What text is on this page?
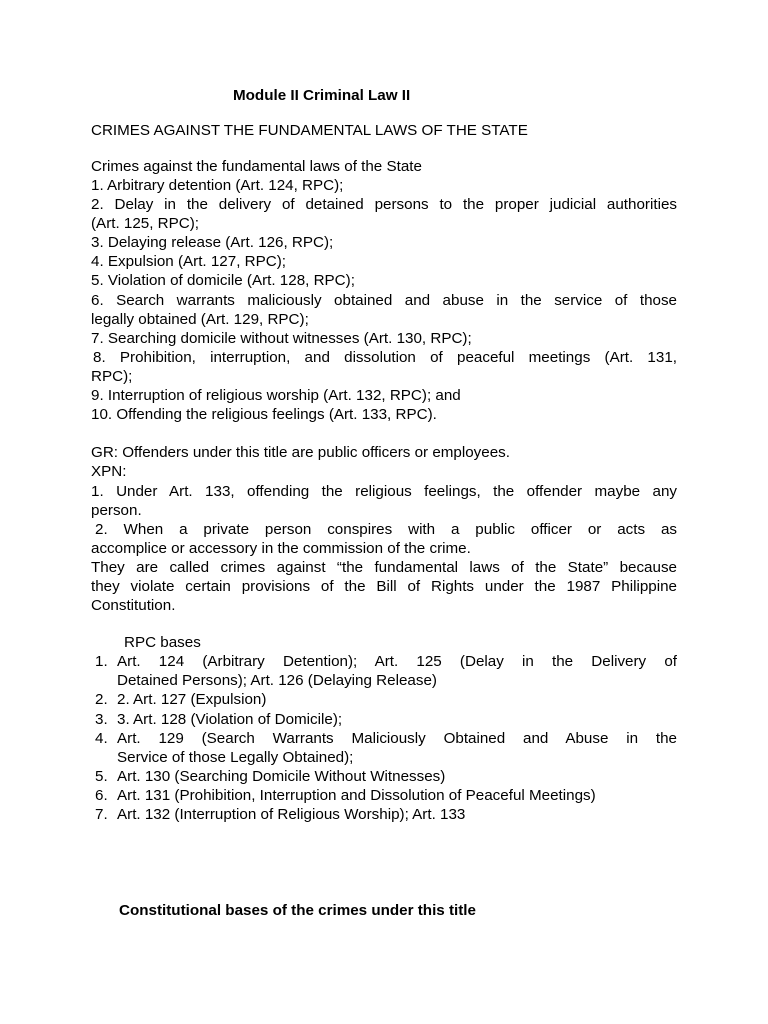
Module II Criminal Law II
CRIMES AGAINST THE FUNDAMENTAL LAWS OF THE STATE
Crimes against the fundamental laws of the State
1. Arbitrary detention (Art. 124, RPC);
2. Delay in the delivery of detained persons to the proper judicial authorities
(Art. 125, RPC);
3. Delaying release (Art. 126, RPC);
4. Expulsion (Art. 127, RPC);
5. Violation of domicile (Art. 128, RPC);
6. Search warrants maliciously obtained and abuse in the service of those
legally obtained (Art. 129, RPC);
7. Searching domicile without witnesses (Art. 130, RPC);
8. Prohibition, interruption, and dissolution of peaceful meetings (Art. 131,
RPC);
9. Interruption of religious worship (Art. 132, RPC); and
10. Offending the religious feelings (Art. 133, RPC).
GR: Offenders under this title are public officers or employees.
XPN:
1. Under Art. 133, offending the religious feelings, the offender maybe any
person.
2. When a private person conspires with a public officer or acts as
accomplice or accessory in the commission of the crime.
They are called crimes against “the fundamental laws of the State” because
they violate certain provisions of the Bill of Rights under the 1987 Philippine
Constitution.
RPC bases
1. Art. 124 (Arbitrary Detention); Art. 125 (Delay in the Delivery of
Detained Persons); Art. 126 (Delaying Release)
2. 2. Art. 127 (Expulsion)
3. 3. Art. 128 (Violation of Domicile);
4. Art. 129 (Search Warrants Maliciously Obtained and Abuse in the
Service of those Legally Obtained);
5. Art. 130 (Searching Domicile Without Witnesses)
6. Art. 131 (Prohibition, Interruption and Dissolution of Peaceful Meetings)
7. Art. 132 (Interruption of Religious Worship); Art. 133
Constitutional bases of the crimes under this title
